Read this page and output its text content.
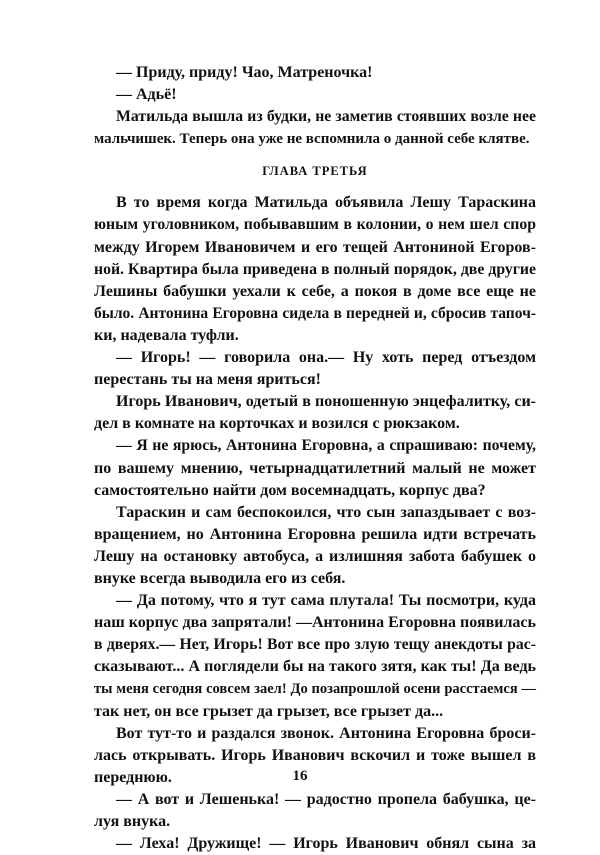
— Приду, приду! Чао, Матреночка!
— Адьё!
Матильда вышла из будки, не заметив стоявших возле нее
мальчишек. Теперь она уже не вспомнила о данной себе клятве.
ГЛАВА ТРЕТЬЯ
В то время когда Матильда объявила Лешу Тараскина
юным уголовником, побывавшим в колонии, о нем шел спор
между Игорем Ивановичем и его тещей Антониной Егоров-
ной. Квартира была приведена в полный порядок, две другие
Лешины бабушки уехали к себе, а покоя в доме все еще не
было. Антонина Егоровна сидела в передней и, сбросив тапоч-
ки, надевала туфли.
— Игорь! — говорила она.— Ну хоть перед отъездом
перестань ты на меня яриться!
Игорь Иванович, одетый в поношенную энцефалитку, си-
дел в комнате на корточках и возился с рюкзаком.
— Я не ярюсь, Антонина Егоровна, а спрашиваю: почему,
по вашему мнению, четырнадцатилетний малый не может
самостоятельно найти дом восемнадцать, корпус два?
Тараскин и сам беспокоился, что сын запаздывает с воз-
вращением, но Антонина Егоровна решила идти встречать
Лешу на остановку автобуса, а излишняя забота бабушек о
внуке всегда выводила его из себя.
— Да потому, что я тут сама плутала! Ты посмотри, куда
наш корпус два запрятали! —Антонина Егоровна появилась
в дверях.— Нет, Игорь! Вот все про злую тещу анекдоты рас-
сказывают... А поглядели бы на такого зятя, как ты! Да ведь
ты меня сегодня совсем заел! До позапрошлой осени расстаемся —
так нет, он все грызет да грызет, все грызет да...
Вот тут-то и раздался звонок. Антонина Егоровна броси-
лась открывать. Игорь Иванович вскочил и тоже вышел в
переднюю.
— А вот и Лешенька! — радостно пропела бабушка, це-
луя внука.
— Леха! Дружище! — Игорь Иванович обнял сына за
16
